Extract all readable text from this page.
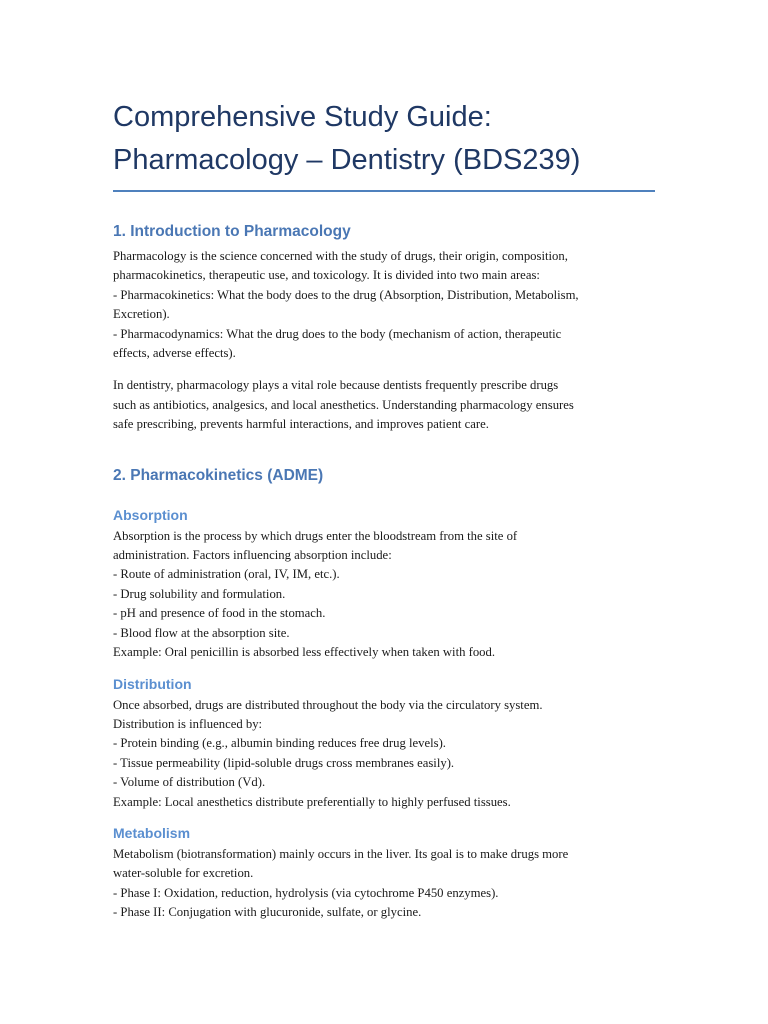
Comprehensive Study Guide:
Pharmacology – Dentistry (BDS239)
1. Introduction to Pharmacology

Pharmacology is the science concerned with the study of drugs, their origin, composition,
pharmacokinetics, therapeutic use, and toxicology. It is divided into two main areas:
- Pharmacokinetics: What the body does to the drug (Absorption, Distribution, Metabolism,
Excretion).
- Pharmacodynamics: What the drug does to the body (mechanism of action, therapeutic
effects, adverse effects).

In dentistry, pharmacology plays a vital role because dentists frequently prescribe drugs
such as antibiotics, analgesics, and local anesthetics. Understanding pharmacology ensures
safe prescribing, prevents harmful interactions, and improves patient care.

2. Pharmacokinetics (ADME)
Absorption

Absorption is the process by which drugs enter the bloodstream from the site of
administration. Factors influencing absorption include:
- Route of administration (oral, IV, IM, etc.).
- Drug solubility and formulation.
- pH and presence of food in the stomach.
- Blood flow at the absorption site.
Example: Oral penicillin is absorbed less effectively when taken with food.

Distribution

Once absorbed, drugs are distributed throughout the body via the circulatory system.
Distribution is influenced by:
- Protein binding (e.g., albumin binding reduces free drug levels).
- Tissue permeability (lipid-soluble drugs cross membranes easily).
- Volume of distribution (Vd).
Example: Local anesthetics distribute preferentially to highly perfused tissues.

Metabolism

Metabolism (biotransformation) mainly occurs in the liver. Its goal is to make drugs more
water-soluble for excretion.
- Phase I: Oxidation, reduction, hydrolysis (via cytochrome P450 enzymes).
- Phase II: Conjugation with glucuronide, sulfate, or glycine.
